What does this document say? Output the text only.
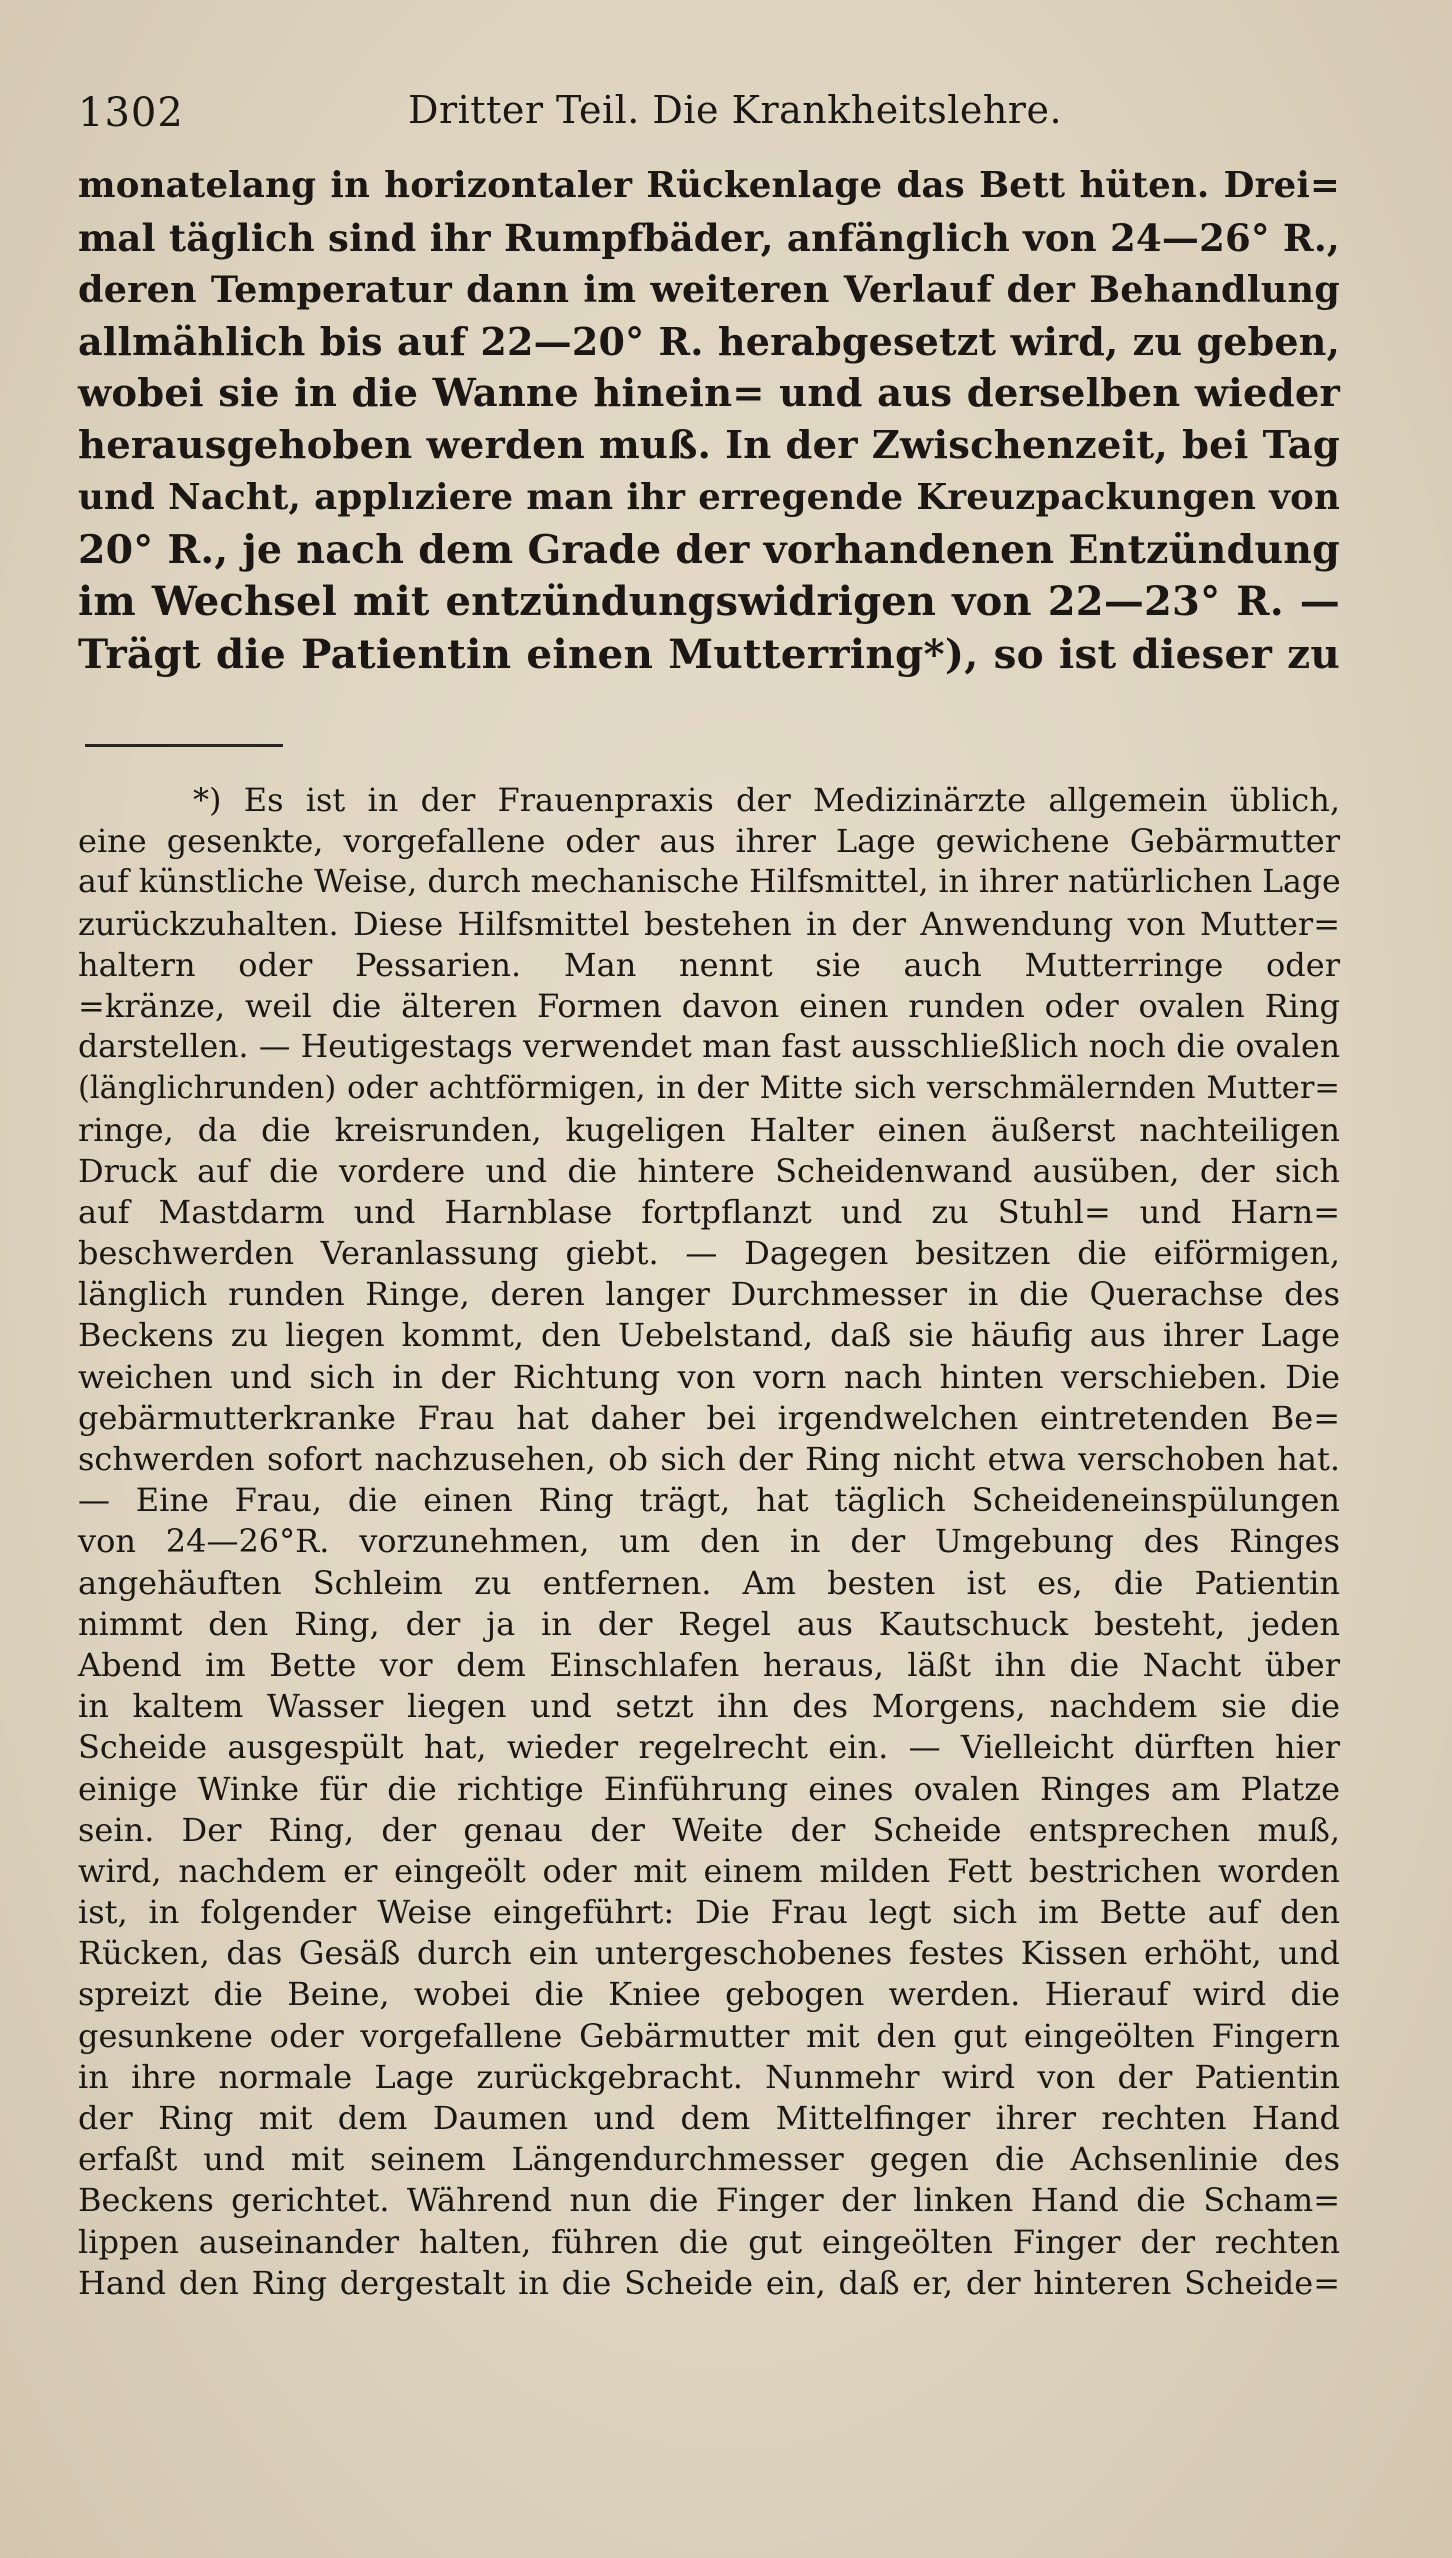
1302	Dritter Teil. Die Krankheitslehre.
monatelang in horizontaler Rückenlage das Bett hüten. Drei=
mal täglich sind ihr Rumpfbäder, anfänglich von 24—26° R.,
deren Temperatur dann im weiteren Verlauf der Behandlung
allmählich bis auf 22—20° R. herabgesetzt wird, zu geben,
wobei sie in die Wanne hinein= und aus derselben wieder
herausgehoben werden muß. In der Zwischenzeit, bei Tag
und Nacht, applıziere man ihr erregende Kreuzpackungen von
20° R., je nach dem Grade der vorhandenen Entzündung
im Wechsel mit entzündungswidrigen von 22—23° R. —
Trägt die Patientin einen Mutterring*), so ist dieser zu
*) Es ist in der Frauenpraxis der Medizinärzte allgemein üblich,
eine gesenkte, vorgefallene oder aus ihrer Lage gewichene Gebärmutter
auf künstliche Weise, durch mechanische Hilfsmittel, in ihrer natürlichen Lage
zurückzuhalten. Diese Hilfsmittel bestehen in der Anwendung von Mutter=
haltern oder Pessarien. Man nennt sie auch Mutterringe oder
=kränze, weil die älteren Formen davon einen runden oder ovalen Ring
darstellen. — Heutigestags verwendet man fast ausschließlich noch die ovalen
(länglichrunden) oder achtförmigen, in der Mitte sich verschmälernden Mutter=
ringe, da die kreisrunden, kugeligen Halter einen äußerst nachteiligen
Druck auf die vordere und die hintere Scheidenwand ausüben, der sich
auf Mastdarm und Harnblase fortpflanzt und zu Stuhl= und Harn=
beschwerden Veranlassung giebt. — Dagegen besitzen die eiförmigen,
länglich runden Ringe, deren langer Durchmesser in die Querachse des
Beckens zu liegen kommt, den Uebelstand, daß sie häufig aus ihrer Lage
weichen und sich in der Richtung von vorn nach hinten verschieben. Die
gebärmutterkranke Frau hat daher bei irgendwelchen eintretenden Be=
schwerden sofort nachzusehen, ob sich der Ring nicht etwa verschoben hat.
— Eine Frau, die einen Ring trägt, hat täglich Scheideneinspülungen
von 24—26°R. vorzunehmen, um den in der Umgebung des Ringes
angehäuften Schleim zu entfernen. Am besten ist es, die Patientin
nimmt den Ring, der ja in der Regel aus Kautschuck besteht, jeden
Abend im Bette vor dem Einschlafen heraus, läßt ihn die Nacht über
in kaltem Wasser liegen und setzt ihn des Morgens, nachdem sie die
Scheide ausgespült hat, wieder regelrecht ein. — Vielleicht dürften hier
einige Winke für die richtige Einführung eines ovalen Ringes am Platze
sein. Der Ring, der genau der Weite der Scheide entsprechen muß,
wird, nachdem er eingeölt oder mit einem milden Fett bestrichen worden
ist, in folgender Weise eingeführt: Die Frau legt sich im Bette auf den
Rücken, das Gesäß durch ein untergeschobenes festes Kissen erhöht, und
spreizt die Beine, wobei die Kniee gebogen werden. Hierauf wird die
gesunkene oder vorgefallene Gebärmutter mit den gut eingeölten Fingern
in ihre normale Lage zurückgebracht. Nunmehr wird von der Patientin
der Ring mit dem Daumen und dem Mittelfinger ihrer rechten Hand
erfaßt und mit seinem Längendurchmesser gegen die Achsenlinie des
Beckens gerichtet. Während nun die Finger der linken Hand die Scham=
lippen auseinander halten, führen die gut eingeölten Finger der rechten
Hand den Ring dergestalt in die Scheide ein, daß er, der hinteren Scheide=
